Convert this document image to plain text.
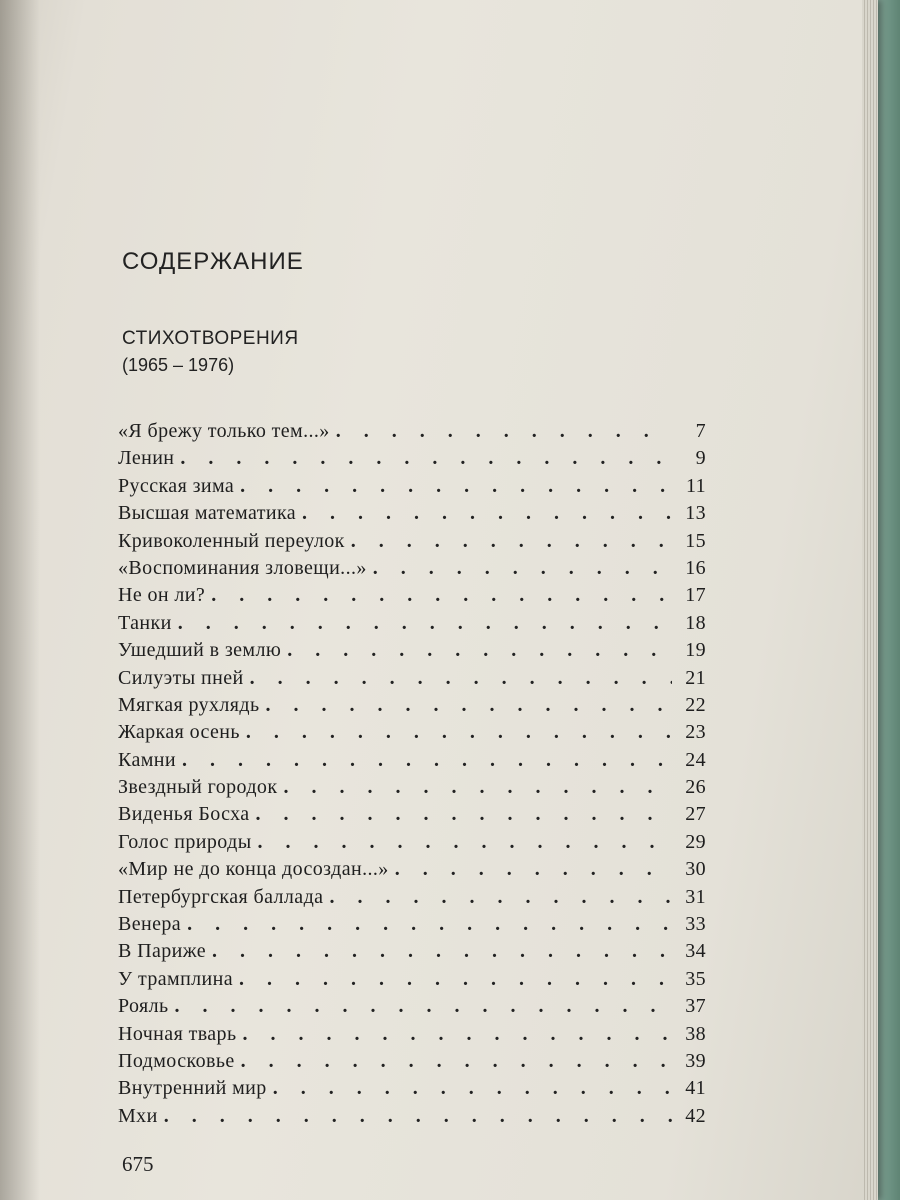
СОДЕРЖАНИЕ
СТИХОТВОРЕНИЯ
(1965 – 1976)
«Я брежу только тем...» . . .	7
Ленин . . .	9
Русская зима . . .	11
Высшая математика . . .	13
Кривоколенный переулок . . .	15
«Воспоминания зловещи...» . . .	16
Не он ли? . . .	17
Танки . . .	18
Ушедший в землю . . .	19
Силуэты пней . . .	21
Мягкая рухлядь . . .	22
Жаркая осень . . .	23
Камни . . .	24
Звездный городок . . .	26
Виденья Босха . . .	27
Голос природы . . .	29
«Мир не до конца досоздан...» . . .	30
Петербургская баллада . . .	31
Венера . . .	33
В Париже . . .	34
У трамплина . . .	35
Рояль . . .	37
Ночная тварь . . .	38
Подмосковье . . .	39
Внутренний мир . . .	41
Мхи . . .	42
675
